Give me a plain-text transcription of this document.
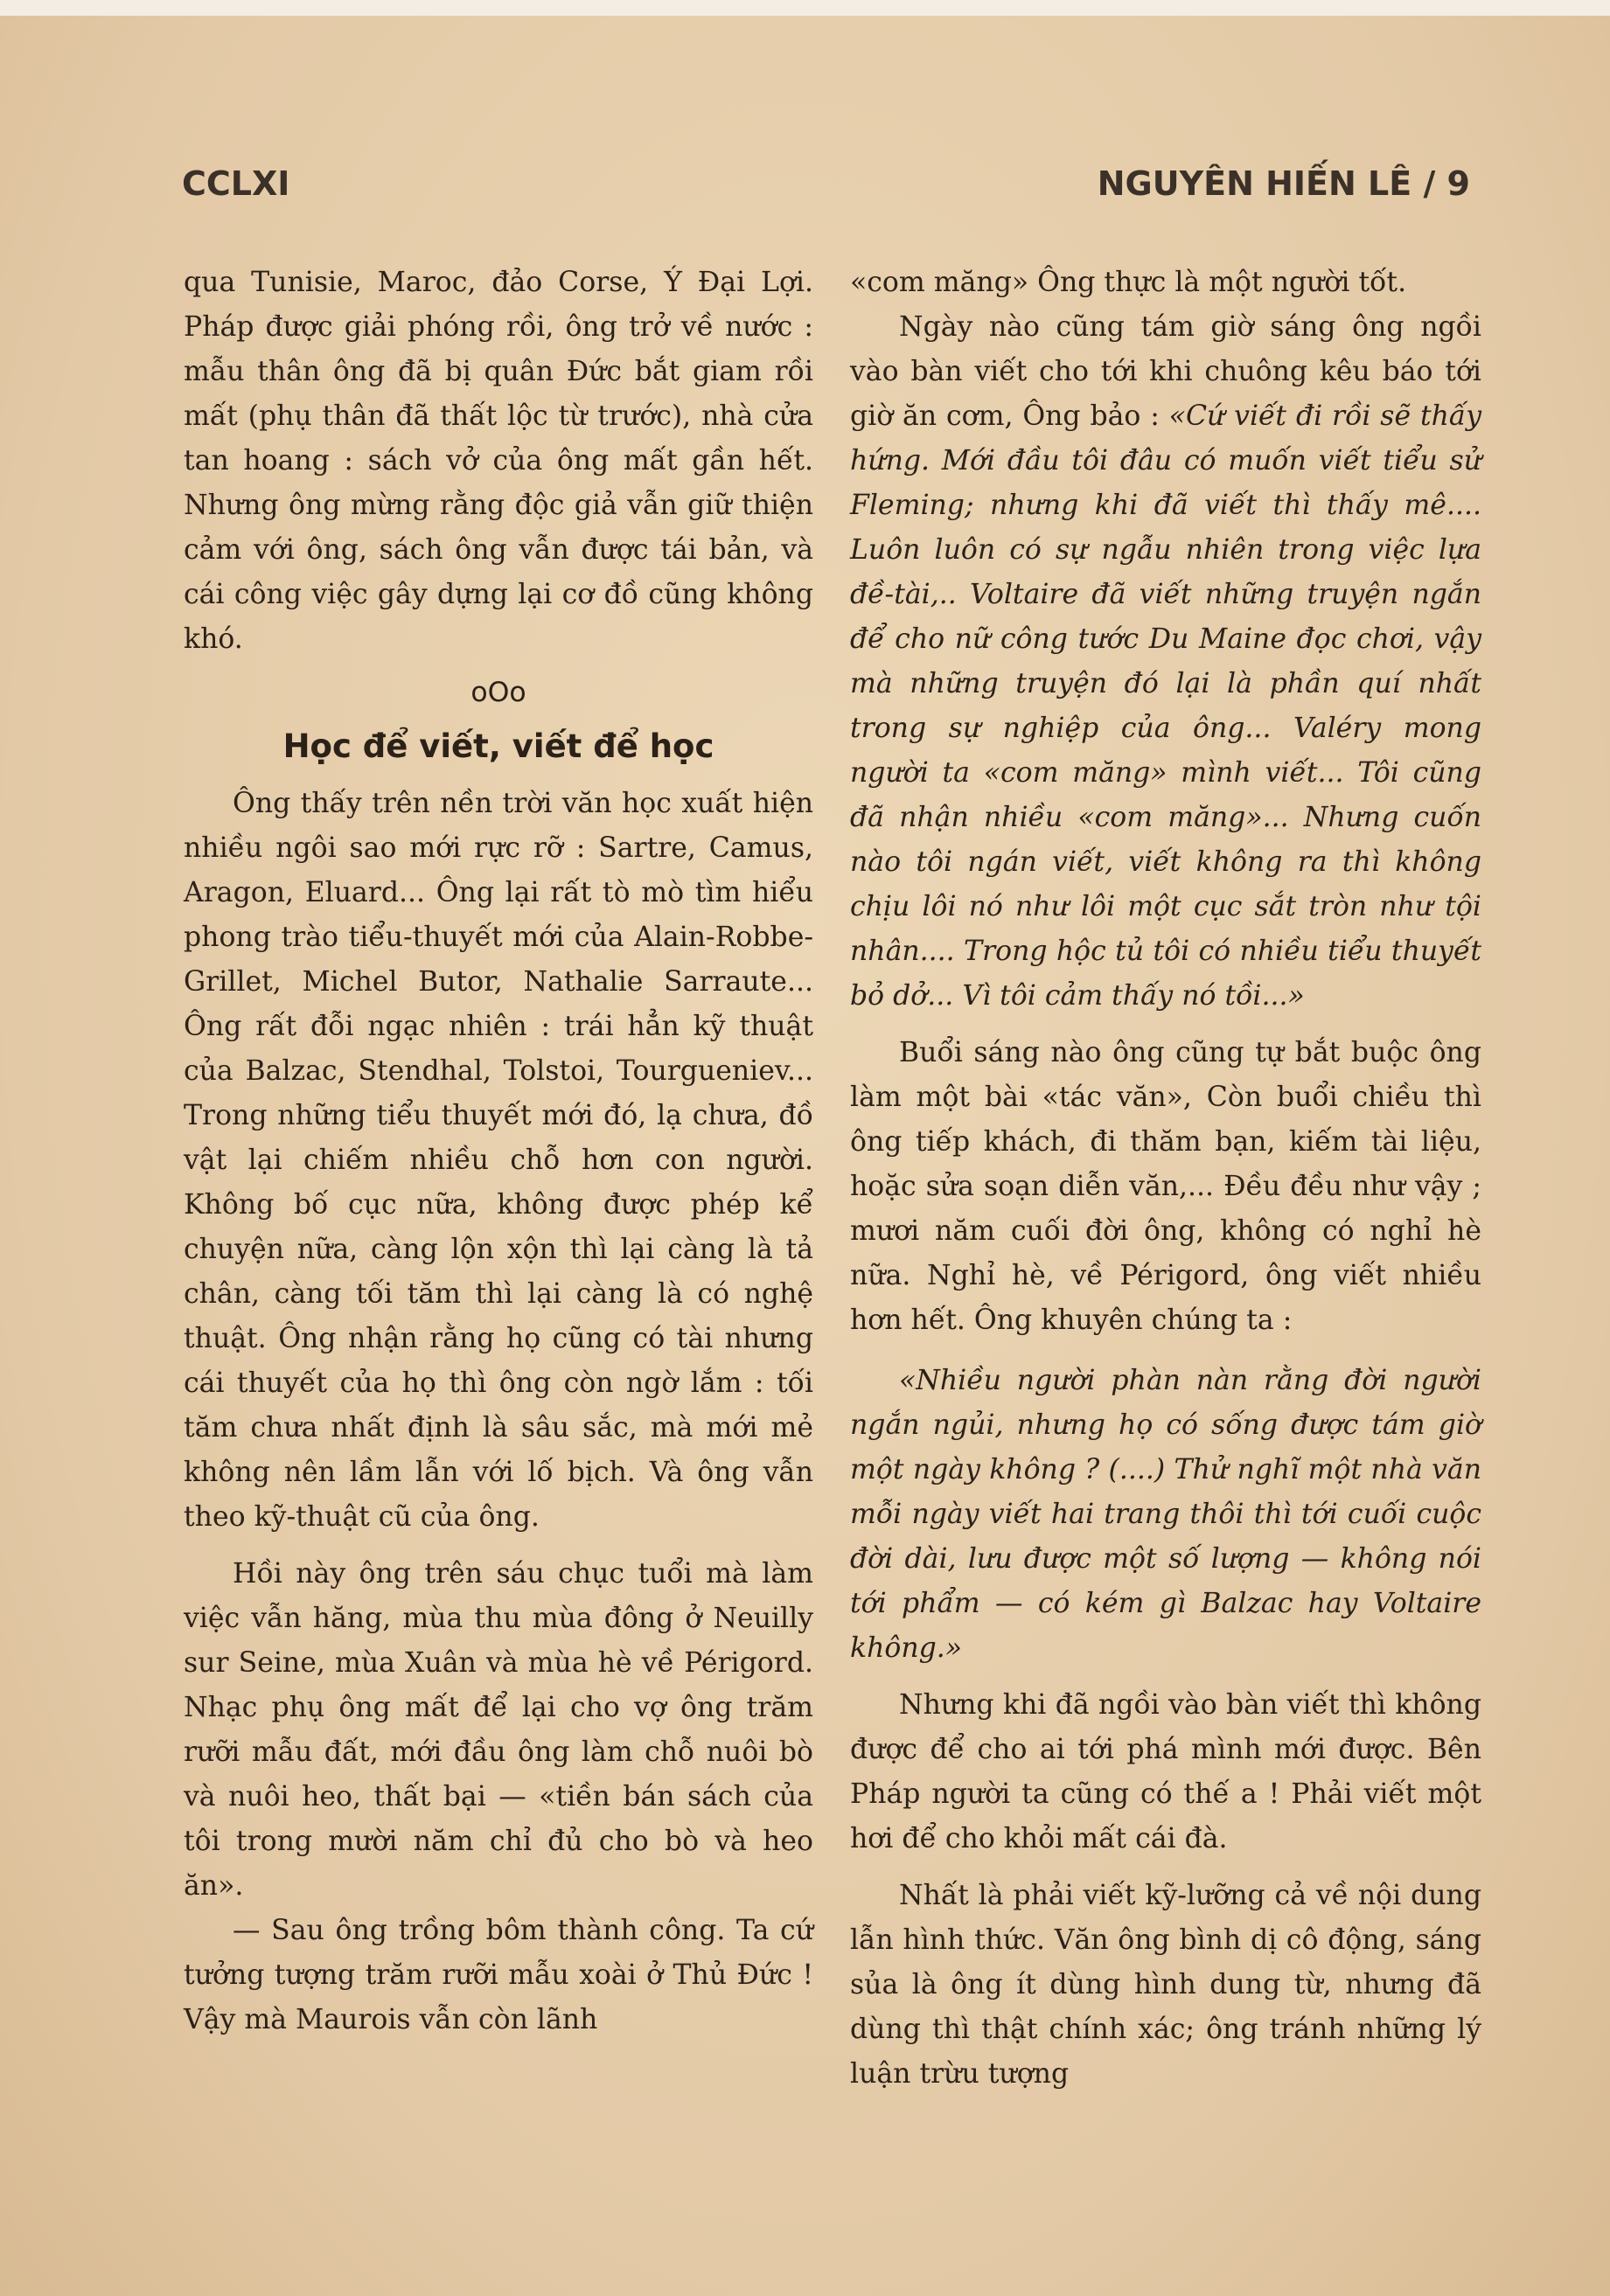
CCLXI	NGUYÊN HIẾN LÊ / 9

qua Tunisie, Maroc, đảo Corse, Ý Đại Lợi. Pháp được giải phóng rồi, ông trở về nước : mẫu thân ông đã bị quân Đức bắt giam rồi mất (phụ thân đã thất lộc từ trước), nhà cửa tan hoang : sách vở của ông mất gần hết. Nhưng ông mừng rằng độc giả vẫn giữ thiện cảm với ông, sách ông vẫn được tái bản, và cái công việc gây dựng lại cơ đồ cũng không khó.

oOo

Học để viết, viết để học

Ông thấy trên nền trời văn học xuất hiện nhiều ngôi sao mới rực rỡ : Sartre, Camus, Aragon, Eluard... Ông lại rất tò mò tìm hiểu phong trào tiểu-thuyết mới của Alain-Robbe-Grillet, Michel Butor, Nathalie Sarraute... Ông rất đỗi ngạc nhiên : trái hẳn kỹ thuật của Balzac, Stendhal, Tolstoi, Tourgueniev... Trong những tiểu thuyết mới đó, lạ chưa, đồ vật lại chiếm nhiều chỗ hơn con người. Không bố cục nữa, không được phép kể chuyện nữa, càng lộn xộn thì lại càng là tả chân, càng tối tăm thì lại càng là có nghệ thuật. Ông nhận rằng họ cũng có tài nhưng cái thuyết của họ thì ông còn ngờ lắm : tối tăm chưa nhất định là sâu sắc, mà mới mẻ không nên lầm lẫn với lố bịch. Và ông vẫn theo kỹ-thuật cũ của ông.

Hồi này ông trên sáu chục tuổi mà làm việc vẫn hăng, mùa thu mùa đông ở Neuilly sur Seine, mùa Xuân và mùa hè về Périgord. Nhạc phụ ông mất để lại cho vợ ông trăm rưỡi mẫu đất, mới đầu ông làm chỗ nuôi bò và nuôi heo, thất bại — «tiền bán sách của tôi trong mười năm chỉ đủ cho bò và heo ăn».

— Sau ông trồng bôm thành công. Ta cứ tưởng tượng trăm rưỡi mẫu xoài ở Thủ Đức ! Vậy mà Maurois vẫn còn lãnh

«com măng» Ông thực là một người tốt.

Ngày nào cũng tám giờ sáng ông ngồi vào bàn viết cho tới khi chuông kêu báo tới giờ ăn cơm, Ông bảo : «Cứ viết đi rồi sẽ thấy hứng. Mới đầu tôi đâu có muốn viết tiểu sử Fleming; nhưng khi đã viết thì thấy mê.... Luôn luôn có sự ngẫu nhiên trong việc lựa đề-tài,.. Voltaire đã viết những truyện ngắn để cho nữ công tước Du Maine đọc chơi, vậy mà những truyện đó lại là phần quí nhất trong sự nghiệp của ông... Valéry mong người ta «com măng» mình viết... Tôi cũng đã nhận nhiều «com măng»... Nhưng cuốn nào tôi ngán viết, viết không ra thì không chịu lôi nó như lôi một cục sắt tròn như tội nhân.... Trong hộc tủ tôi có nhiều tiểu thuyết bỏ dở... Vì tôi cảm thấy nó tồi...»

Buổi sáng nào ông cũng tự bắt buộc ông làm một bài «tác văn», Còn buổi chiều thì ông tiếp khách, đi thăm bạn, kiếm tài liệu, hoặc sửa soạn diễn văn,... Đều đều như vậy ; mươi năm cuối đời ông, không có nghỉ hè nữa. Nghỉ hè, về Périgord, ông viết nhiều hơn hết. Ông khuyên chúng ta :

«Nhiều người phàn nàn rằng đời người ngắn ngủi, nhưng họ có sống được tám giờ một ngày không ? (....) Thử nghĩ một nhà văn mỗi ngày viết hai trang thôi thì tới cuối cuộc đời dài, lưu được một số lượng — không nói tới phẩm — có kém gì Balzac hay Voltaire không.»

Nhưng khi đã ngồi vào bàn viết thì không được để cho ai tới phá mình mới được. Bên Pháp người ta cũng có thế a ! Phải viết một hơi để cho khỏi mất cái đà.

Nhất là phải viết kỹ-lưỡng cả về nội dung lẫn hình thức. Văn ông bình dị cô động, sáng sủa là ông ít dùng hình dung từ, nhưng đã dùng thì thật chính xác; ông tránh những lý luận trừu tượng
